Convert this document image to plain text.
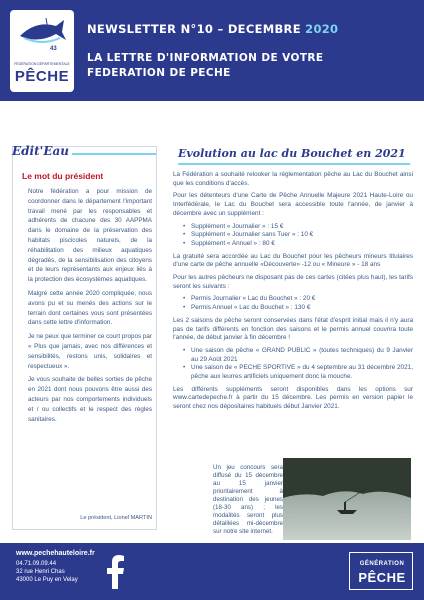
43
FÉDÉRATION DÉPARTEMENTALE
PÊCHE
NEWSLETTER N°10 – DECEMBRE 2020
LA LETTRE D'INFORMATION DE VOTRE
FEDERATION DE PECHE
Edit'Eau
Le mot du président

Notre fédération a pour mission de coordonner dans le département l'important travail mené par les responsables et adhérents de chacune des 30 AAPPMA dans le domaine de la préservation des habitats piscicoles naturels, de la réhabilitation des milieux aquatiques dégradés, de la sensibilisation des citoyens et de leurs représentants aux enjeux liés à la protection des écosystèmes aquatiques.

Malgré cette année 2020 compliquée, nous avons pu et su menés des actions sur le terrain dont certaines vous sont présentées dans cette lettre d'information.

Je ne peux que terminer ce court propos par « Plus que jamais, avec nos différences et sensibilités, restons unis, solidaires et respectueux ».

Je vous souhaite de belles sorties de pêche en 2021 dont nous pouvons être aussi des acteurs par nos comportements individuels et / ou collectifs et le respect des règles sanitaires.

Le président, Lionel MARTIN
Evolution au lac du Bouchet en 2021

La Fédération a souhaité relooker la réglementation pêche au Lac du Bouchet ainsi que les conditions d'accès.

Pour les détenteurs d'une Carte de Pêche Annuelle Majeure 2021 Haute-Loire ou Interfédérale, le Lac du Bouchet sera accessible toute l'année, de janvier à décembre avec un supplément :

• Supplément « Journalier » : 15 €
• Supplément « Journalier sans Tuer » : 10 €
• Supplément « Annuel » : 80 €

La gratuité sera accordée au Lac du Bouchet pour les pêcheurs mineurs titulaires d'une carte de pêche annuelle «Découverte» -12 ou « Mineure » - 18 ans

Pour les autres pêcheurs ne disposant pas de ces cartes (citées plus haut), les tarifs seront les suivants :

• Permis Journalier « Lac du Bouchet » : 20 €
• Permis Annuel « Lac du Bouchet » : 130 €

Les 2 saisons de pêche seront conservées dans l'état d'esprit initial mais il n'y aura pas de tarifs différents en fonction des saisons et le permis annuel couvrira toute l'année, de début janvier à fin décembre !

• Une saison de pêche « GRAND PUBLIC » (toutes techniques) du 9 Janvier au 29 Août 2021
• Une saison de « PECHE SPORTIVE » du 4 septembre au 31 décembre 2021, pêche aux leurres artificiels uniquement donc la mouche.

Les différents suppléments seront disponibles dans les options sur www.cartedepeche.fr à partir du 15 décembre. Les permis en version papier le seront chez nos dépositaires habituels début Janvier 2021.

Un jeu concours sera diffusé du 15 décembre au 15 janvier prioritairement à destination des jeunes (18-30 ans) ; les modalités seront plus détaillées mi-décembre sur notre site internet.
www.pechehauteloire.fr
04.71.09.09.44
32 rue Henri Chas
43000 Le Puy en Velay
GÉNÉRATION
PÊCHE
